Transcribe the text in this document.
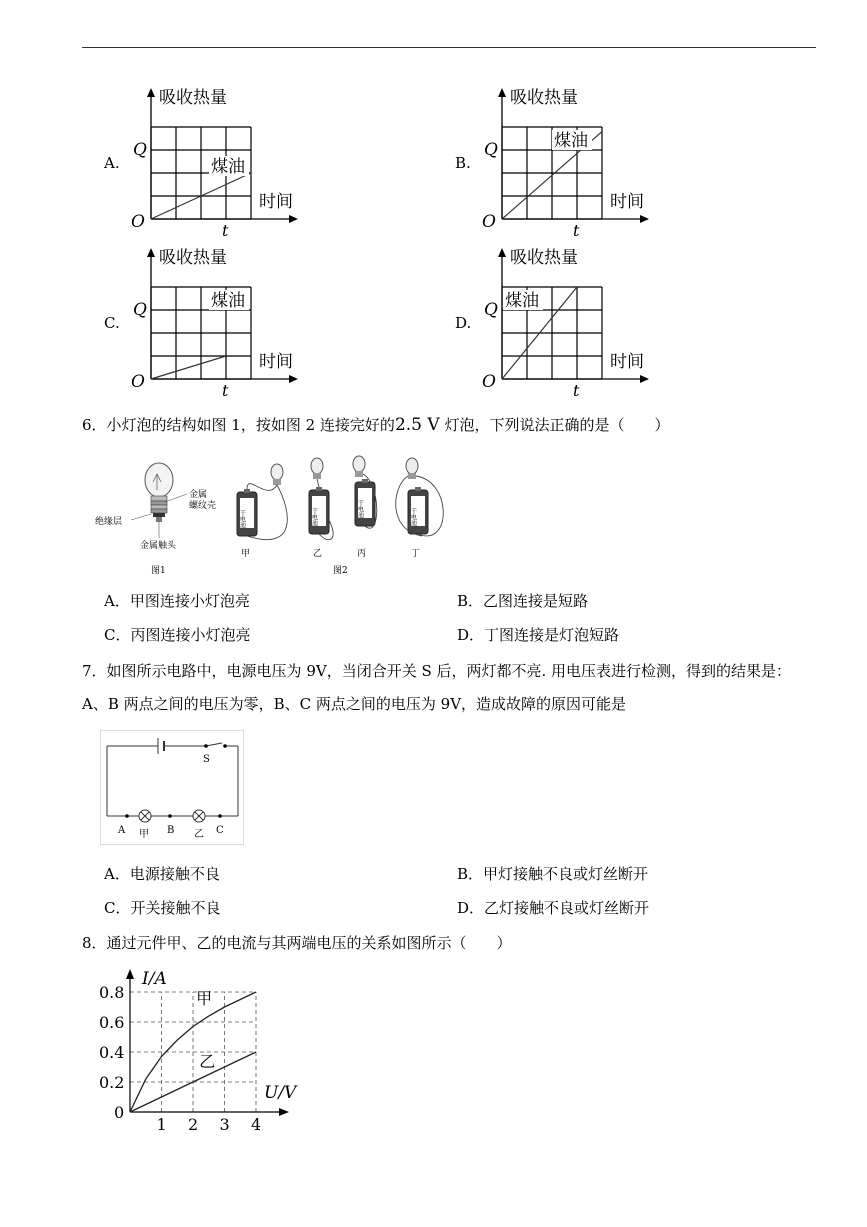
A.
吸收热量
时间
Q
O	t
煤油	B.
吸收热量
时间
Q
O	t
煤油
C.
吸收热量
时间
Q
O	t
煤油
D.
吸收热量
时间
Q
O	t
煤油
6．小灯泡的结构如图 1，按如图 2 连接完好的2.5 V 灯泡，下列说法正确的是（　　）
金属
螺纹壳
绝缘层
金属触头
图1
干电池
甲
干电池
乙
干电池
丙
干电池
丁
图2
A．甲图连接小灯泡亮	B．乙图连接是短路
C．丙图连接小灯泡亮	D．丁图连接是灯泡短路
7．如图所示电路中，电源电压为 9V，当闭合开关 S 后，两灯都不亮. 用电压表进行检测，得到的结果是：
A、B 两点之间的电压为零，B、C 两点之间的电压为 9V，造成故障的原因可能是
S
A 甲 B 乙 C
A．电源接触不良	B．甲灯接触不良或灯丝断开
C．开关接触不良	D．乙灯接触不良或灯丝断开
8．通过元件甲、乙的电流与其两端电压的关系如图所示（　　）
0
1 2 3 4
0.2
0.4
0.6
0.8
I/A
U/V
甲
乙
